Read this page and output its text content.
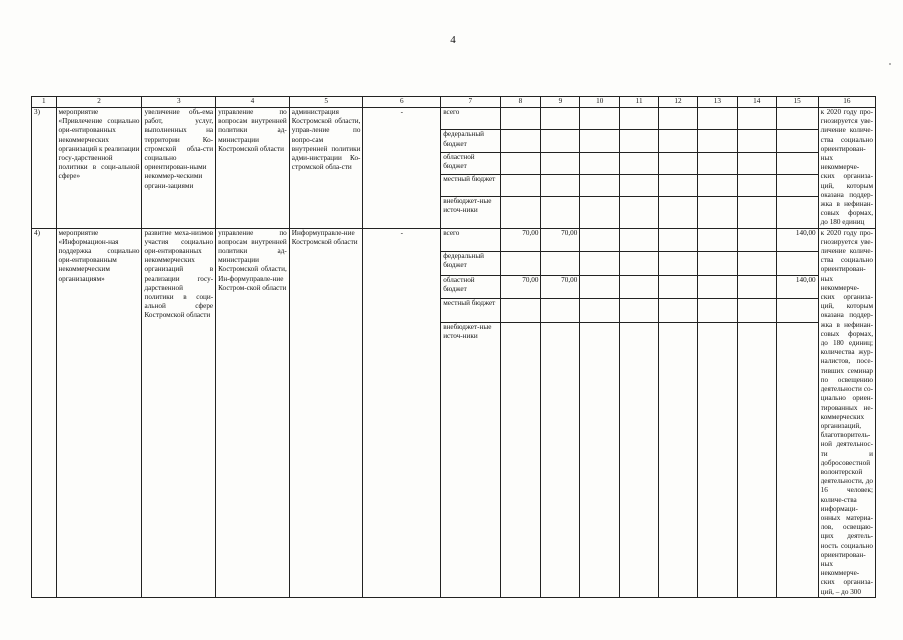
4
1	2	3	4	5	6	7	8	9	10	11	12	13	14	15	16
3)	мероприятие «Привлечение социально ори-ентированных некоммерческих организаций к реализации госу-дарственной политики в соци-альной сфере»	увеличение объ-ема работ, услуг, выполненных на территории Ко-стромской обла-сти социально ориентирован-ными некоммер-ческими органи-зациями	управление по вопросам внутренней политики ад-министрации Костромской области	администрация Костромской области, управ-ление по вопро-сам внутренней политики адми-нистрации Ко-стромской обла-сти	-	всего									к 2020 году про-гнозируется уве-личение количе-ства социально ориентирован-ных некоммерче-ских организа-ций, которым оказана поддер-жка в нефинан-совых формах, до 180 единиц
						федеральный бюджет									
						областной бюджет									
						местный бюджет									
						внебюджет-ные источ-ники									
4)	мероприятие «Информацион-ная поддержка социально ори-ентированным некоммерческим организациям»	развитие меха-низмов участия социально ори-ентированных некоммерческих организаций в реализации госу-дарственной политики в соци-альной сфере Костромской области	управление по вопросам внутренней политики ад-министрации Костромской области, Ин-формуправле-ние Костром-ской области	Информуправле-ние Костромской области	-	всего	70,00	70,00						140,00	к 2020 году про-гнозируется уве-личение количе-ства социально ориентирован-ных некоммерче-ских организа-ций, которым оказана поддер-жка в нефинан-совых формах, до 180 единиц; количества жур-налистов, посе-тивших семинар по освещению деятельности со-циально ориен-тированных не-коммерческих организаций, благотворитель-ной деятельнос-ти и добросовестной волонтерской деятельности, до 16 человек; количе-ства информаци-онных материа-лов, освещаю-щих деятель-ность социально ориентирован-ных некоммерче-ских организа-ций, – до 300

						федеральный бюджет									
						областной бюджет	70,00	70,00						140,00	
						местный бюджет									
						внебюджет-ные источ-ники									
